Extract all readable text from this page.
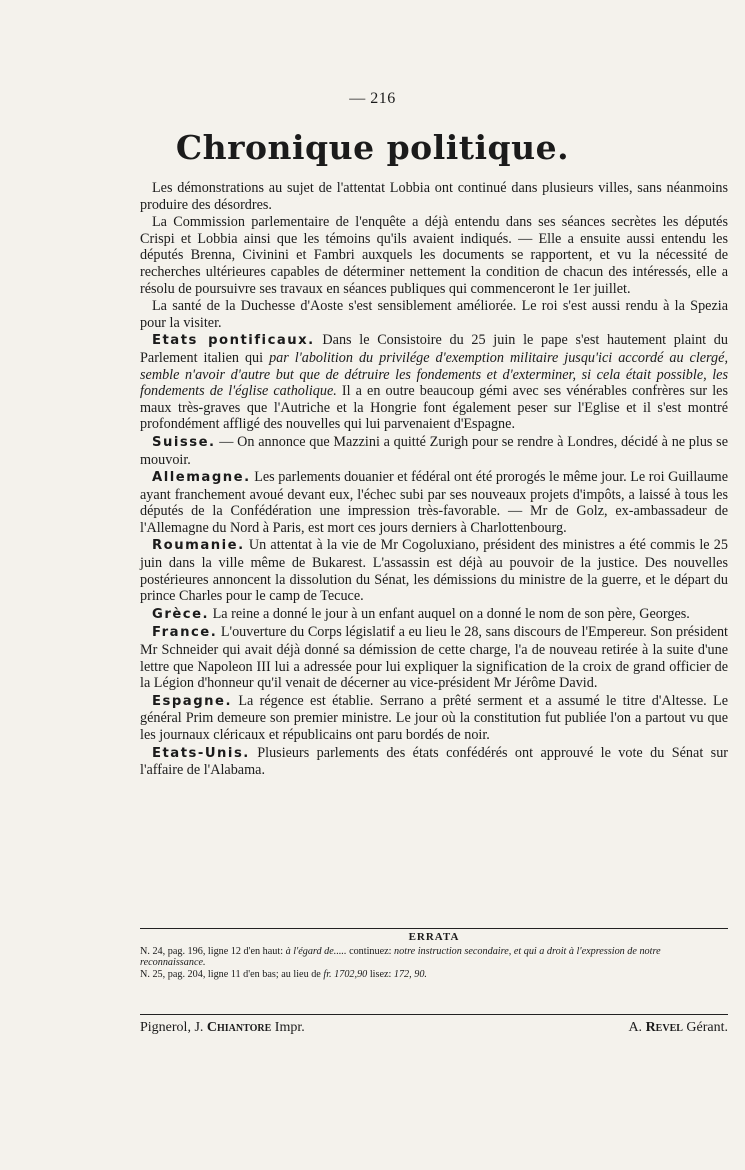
— 216
Chronique politique.

Les démonstrations au sujet de l'attentat Lobbia ont continué dans plusieurs villes, sans néanmoins produire des désordres.

La Commission parlementaire de l'enquête a déjà entendu dans ses séances secrètes les députés Crispi et Lobbia ainsi que les témoins qu'ils avaient indiqués. — Elle a ensuite aussi entendu les députés Brenna, Civinini et Fambri auxquels les documents se rapportent, et vu la nécessité de recherches ultérieures capables de déterminer nettement la condition de chacun des intéressés, elle a résolu de poursuivre ses travaux en séances publiques qui commenceront le 1er juillet.

La santé de la Duchesse d'Aoste s'est sensiblement améliorée. Le roi s'est aussi rendu à la Spezia pour la visiter.

Etats pontificaux. Dans le Consistoire du 25 juin le pape s'est hautement plaint du Parlement italien qui par l'abolition du privilége d'exemption militaire jusqu'ici accordé au clergé, semble n'avoir d'autre but que de détruire les fondements et d'exterminer, si cela était possible, les fondements de l'église catholique. Il a en outre beaucoup gémi avec ses vénérables confrères sur les maux très-graves que l'Autriche et la Hongrie font également peser sur l'Eglise et il s'est montré profondément affligé des nouvelles qui lui parvenaient d'Espagne.

Suisse. — On annonce que Mazzini a quitté Zurigh pour se rendre à Londres, décidé à ne plus se mouvoir.

Allemagne. Les parlements douanier et fédéral ont été prorogés le même jour. Le roi Guillaume ayant franchement avoué devant eux, l'échec subi par ses nouveaux projets d'impôts, a laissé à tous les députés de la Confédération une impression très-favorable. — Mr de Golz, ex-ambassadeur de l'Allemagne du Nord à Paris, est mort ces jours derniers à Charlottenbourg.

Roumanie. Un attentat à la vie de Mr Cogoluxiano, président des ministres a été commis le 25 juin dans la ville même de Bukarest. L'assassin est déjà au pouvoir de la justice. Des nouvelles postérieures annoncent la dissolution du Sénat, les démissions du ministre de la guerre, et le départ du prince Charles pour le camp de Tecuce.

Grèce. La reine a donné le jour à un enfant auquel on a donné le nom de son père, Georges.

France. L'ouverture du Corps législatif a eu lieu le 28, sans discours de l'Empereur. Son président Mr Schneider qui avait déjà donné sa démission de cette charge, l'a de nouveau retirée à la suite d'une lettre que Napoleon III lui a adressée pour lui expliquer la signification de la croix de grand officier de la Légion d'honneur qu'il venait de décerner au vice-président Mr Jérôme David.

Espagne. La régence est établie. Serrano a prêté serment et a assumé le titre d'Altesse. Le général Prim demeure son premier ministre. Le jour où la constitution fut publiée l'on a partout vu que les journaux cléricaux et républicains ont paru bordés de noir.

Etats-Unis. Plusieurs parlements des états confédérés ont approuvé le vote du Sénat sur l'affaire de l'Alabama.

ERRATA

N. 24, pag. 196, ligne 12 d'en haut: à l'égard de..... continuez: notre instruction secondaire, et qui a droit à l'expression de notre reconnaissance.

N. 25, pag. 204, ligne 11 d'en bas; au lieu de fr. 1702,90 lisez: 172, 90.

Pignerol, J. Chiantore Impr.	A. Revel Gérant.
